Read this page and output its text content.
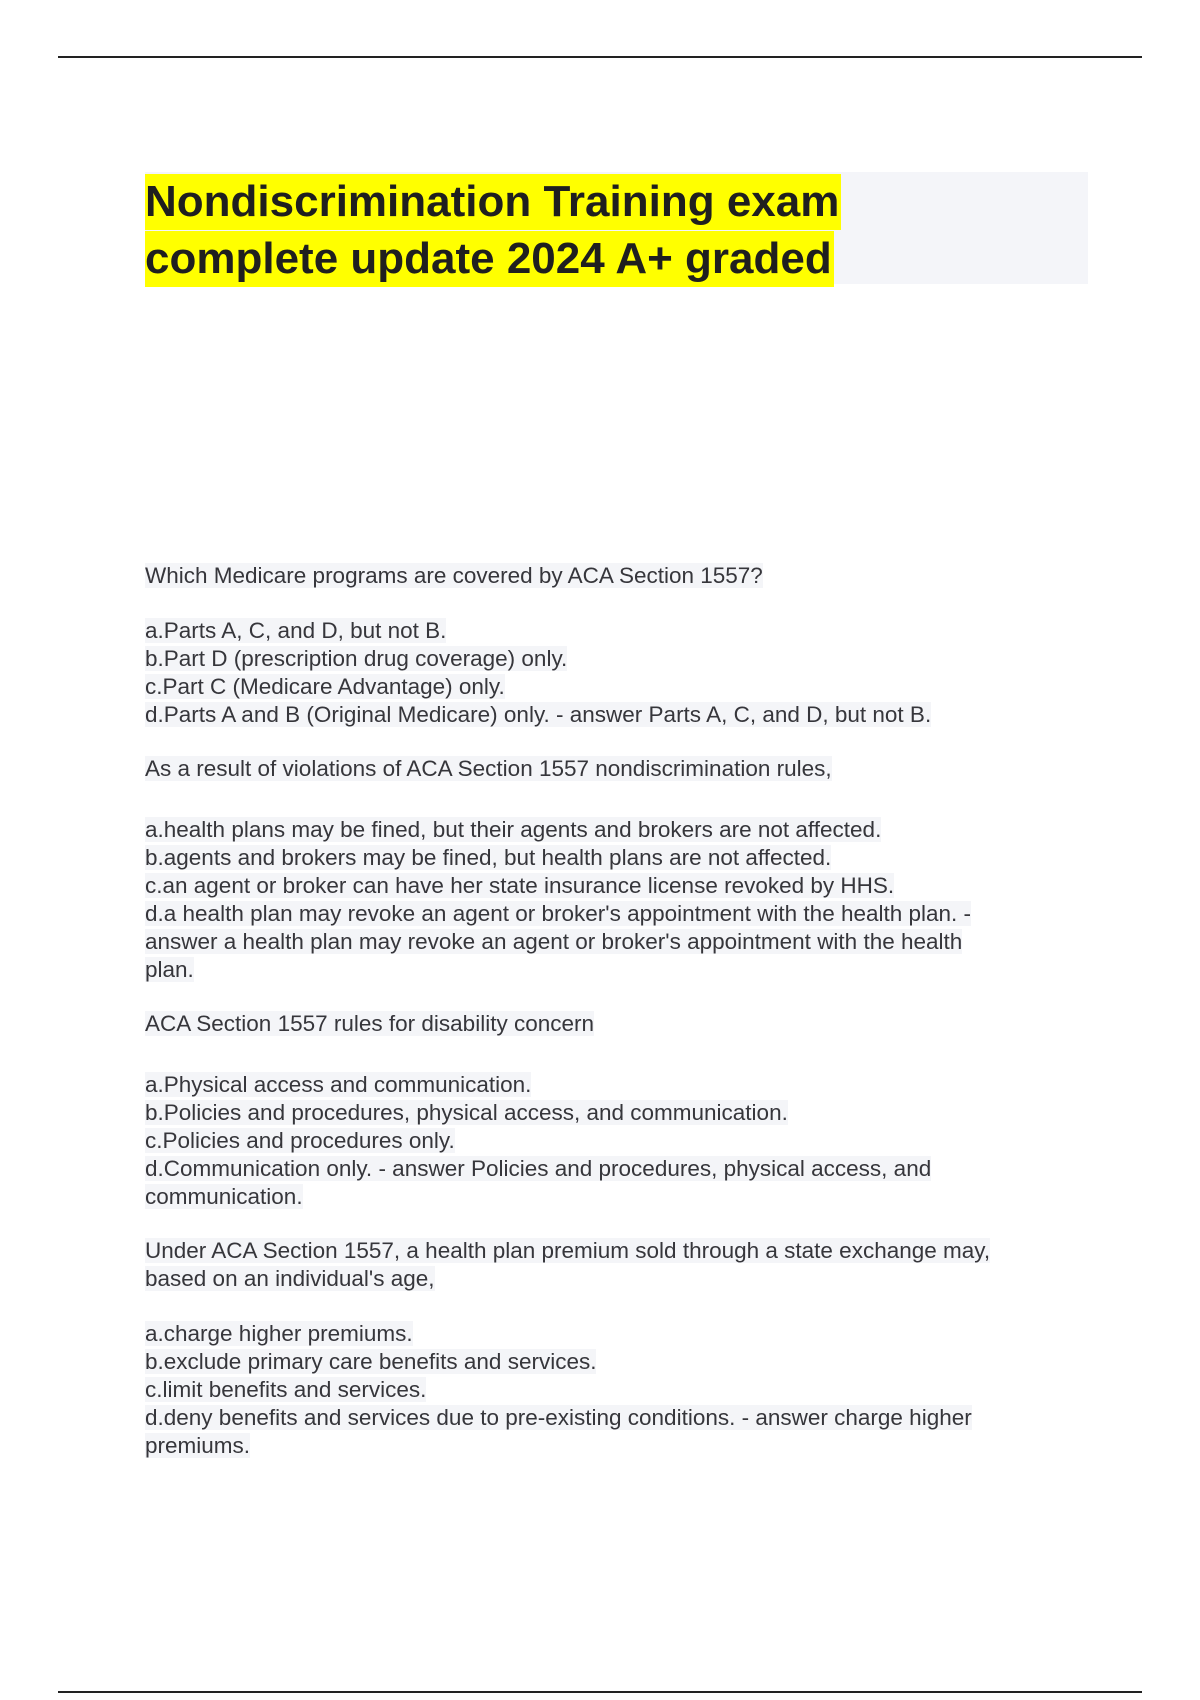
Nondiscrimination Training exam
complete update 2024 A+ graded
Which Medicare programs are covered by ACA Section 1557?
a.Parts A, C, and D, but not B.
b.Part D (prescription drug coverage) only.
c.Part C (Medicare Advantage) only.
d.Parts A and B (Original Medicare) only. - answer Parts A, C, and D, but not B.
As a result of violations of ACA Section 1557 nondiscrimination rules,
a.health plans may be fined, but their agents and brokers are not affected.
b.agents and brokers may be fined, but health plans are not affected.
c.an agent or broker can have her state insurance license revoked by HHS.
d.a health plan may revoke an agent or broker's appointment with the health plan. -
answer a health plan may revoke an agent or broker's appointment with the health
plan.
ACA Section 1557 rules for disability concern
a.Physical access and communication.
b.Policies and procedures, physical access, and communication.
c.Policies and procedures only.
d.Communication only. - answer Policies and procedures, physical access, and
communication.
Under ACA Section 1557, a health plan premium sold through a state exchange may,
based on an individual's age,
a.charge higher premiums.
b.exclude primary care benefits and services.
c.limit benefits and services.
d.deny benefits and services due to pre-existing conditions. - answer charge higher
premiums.
